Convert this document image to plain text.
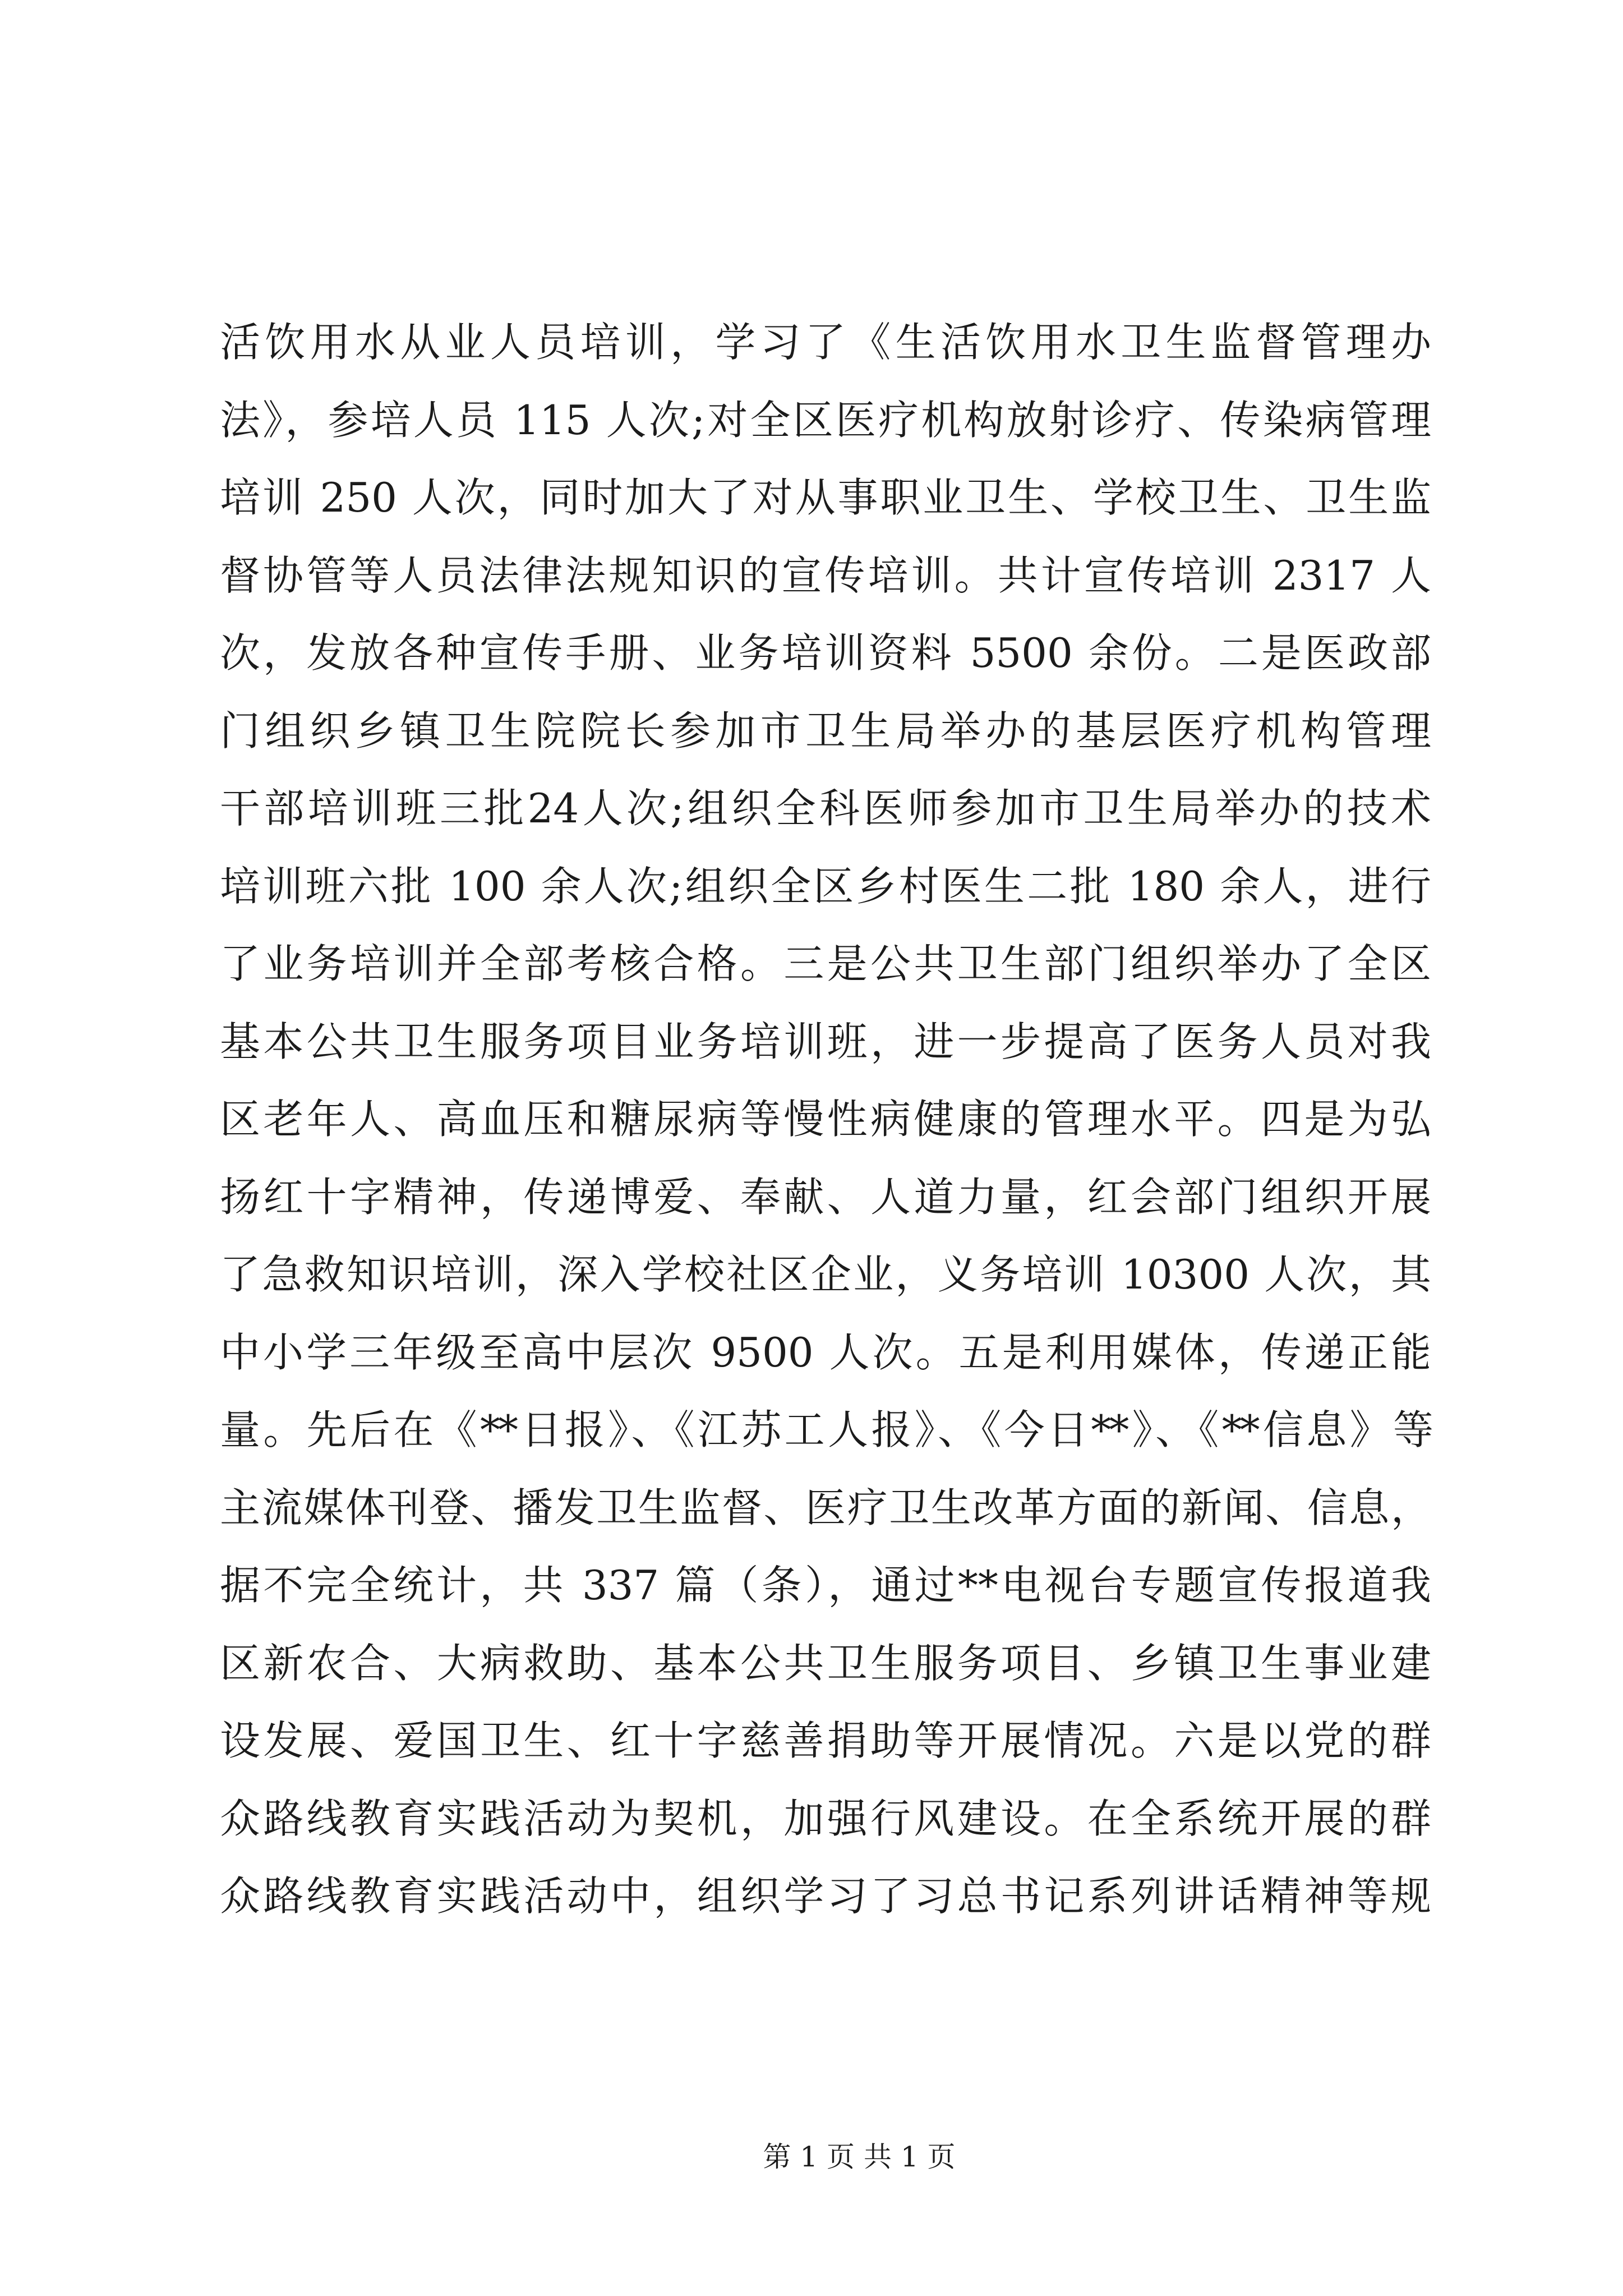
活饮用水从业人员培训，学习了《生活饮用水卫生监督管理办
法》，参培人员 115 人次;对全区医疗机构放射诊疗、传染病管理
培训 250 人次，同时加大了对从事职业卫生、学校卫生、卫生监
督协管等人员法律法规知识的宣传培训。共计宣传培训 2317 人
次，发放各种宣传手册、业务培训资料 5500 余份。二是医政部
门组织乡镇卫生院院长参加市卫生局举办的基层医疗机构管理
干部培训班三批24人次;组织全科医师参加市卫生局举办的技术
培训班六批 100 余人次;组织全区乡村医生二批 180 余人，进行
了业务培训并全部考核合格。三是公共卫生部门组织举办了全区
基本公共卫生服务项目业务培训班，进一步提高了医务人员对我
区老年人、高血压和糖尿病等慢性病健康的管理水平。四是为弘
扬红十字精神，传递博爱、奉献、人道力量，红会部门组织开展
了急救知识培训，深入学校社区企业，义务培训 10300 人次，其
中小学三年级至高中层次 9500 人次。五是利用媒体，传递正能
量。先后在《**日报》、《江苏工人报》、《今日**》、《**信息》等
主流媒体刊登、播发卫生监督、医疗卫生改革方面的新闻、信息，
据不完全统计，共 337 篇（条），通过**电视台专题宣传报道我
区新农合、大病救助、基本公共卫生服务项目、乡镇卫生事业建
设发展、爱国卫生、红十字慈善捐助等开展情况。六是以党的群
众路线教育实践活动为契机，加强行风建设。在全系统开展的群
众路线教育实践活动中，组织学习了习总书记系列讲话精神等规
第 1 页 共 1 页
